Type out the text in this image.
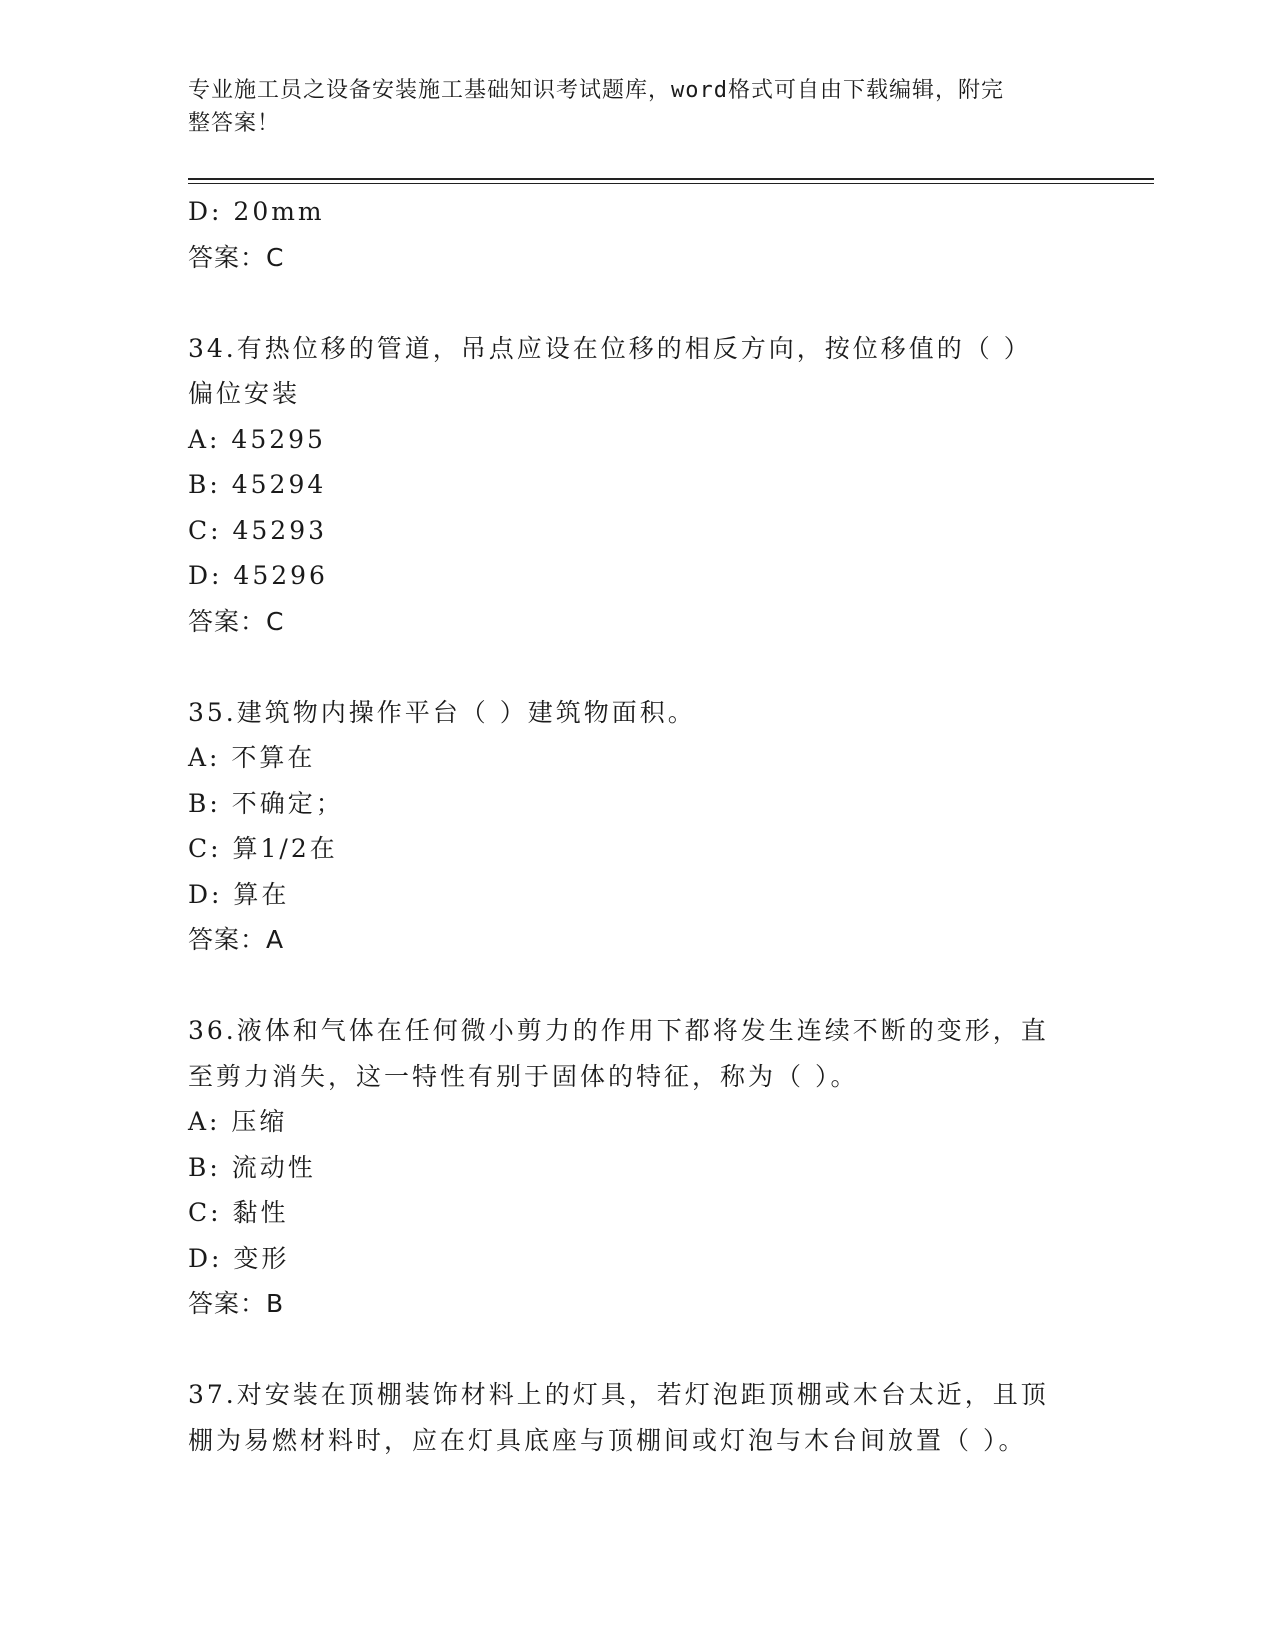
专业施工员之设备安装施工基础知识考试题库，word格式可自由下载编辑，附完
整答案！
D: 20mm
答案：C
34.有热位移的管道，吊点应设在位移的相反方向，按位移值的（ ）
偏位安装
A: 45295
B: 45294
C: 45293
D: 45296
答案：C
35.建筑物内操作平台（ ）建筑物面积。
A: 不算在
B: 不确定；
C: 算1/2在
D: 算在
答案：A
36.液体和气体在任何微小剪力的作用下都将发生连续不断的变形，直
至剪力消失，这一特性有别于固体的特征，称为（ ）。
A: 压缩
B: 流动性
C: 黏性
D: 变形
答案：B
37.对安装在顶棚装饰材料上的灯具，若灯泡距顶棚或木台太近，且顶
棚为易燃材料时，应在灯具底座与顶棚间或灯泡与木台间放置（ ）。
